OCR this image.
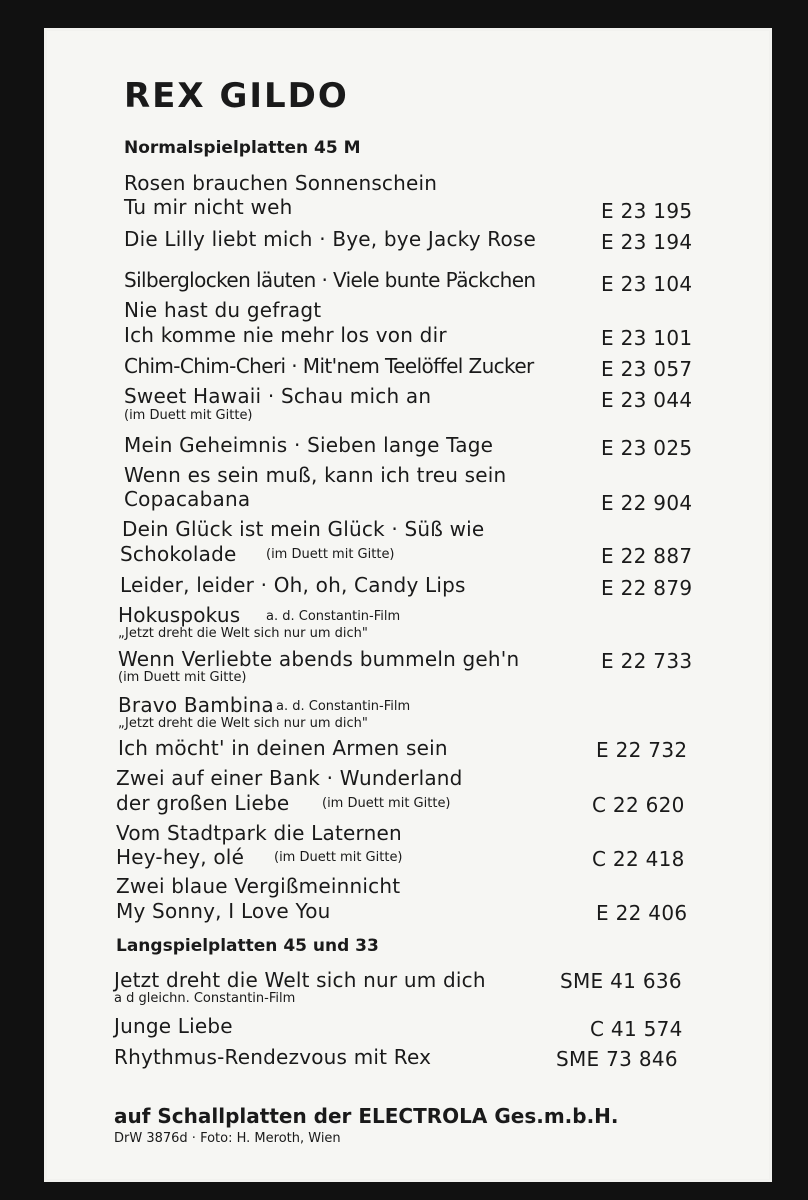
REX GILDO
Normalspielplatten 45 M
Rosen brauchen Sonnenschein
Tu mir nicht weh	E 23 195
Die Lilly liebt mich · Bye, bye Jacky Rose	E 23 194
Silberglocken läuten · Viele bunte Päckchen	E 23 104
Nie hast du gefragt
Ich komme nie mehr los von dir	E 23 101
Chim-Chim-Cheri · Mit'nem Teelöffel Zucker	E 23 057
Sweet Hawaii · Schau mich an
(im Duett mit Gitte)
E 23 044
Mein Geheimnis · Sieben lange Tage	E 23 025
Wenn es sein muß, kann ich treu sein
Copacabana	E 22 904
Dein Glück ist mein Glück · Süß wie
Schokolade (im Duett mit Gitte)	E 22 887
Leider, leider · Oh, oh, Candy Lips	E 22 879
Hokuspokus a. d. Constantin-Film
„Jetzt dreht die Welt sich nur um dich"
Wenn Verliebte abends bummeln geh'n
(im Duett mit Gitte)
E 22 733
Bravo Bambina a. d. Constantin-Film
„Jetzt dreht die Welt sich nur um dich"
Ich möcht' in deinen Armen sein	E 22 732
Zwei auf einer Bank · Wunderland
der großen Liebe	(im Duett mit Gitte)	C 22 620
Vom Stadtpark die Laternen
Hey-hey, olé (im Duett mit Gitte)	C 22 418
Zwei blaue Vergißmeinnicht
My Sonny, I Love You	E 22 406
Langspielplatten 45 und 33
Jetzt dreht die Welt sich nur um dich
a d gleichn. Constantin-Film
SME 41 636
Junge Liebe	C 41 574
Rhythmus-Rendezvous mit Rex	SME 73 846
auf Schallplatten der ELECTROLA Ges.m.b.H.
DrW 3876d · Foto: H. Meroth, Wien
